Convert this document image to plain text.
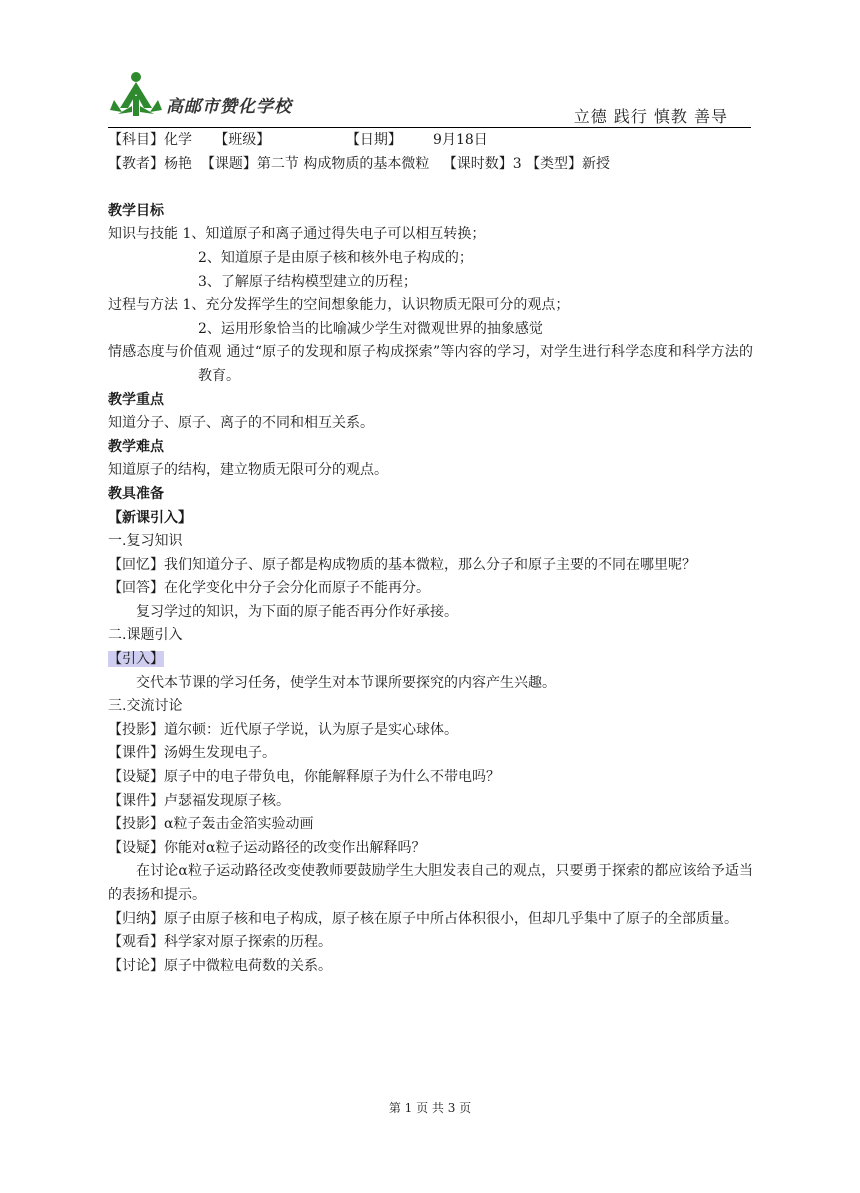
高邮市赞化学校	立德 践行 慎教 善导
【科目】化学     【班级】                 【日期】       9月18日
【教者】杨艳  【课题】第二节 构成物质的基本微粒   【课时数】3 【类型】新授
教学目标
知识与技能 1、知道原子和离子通过得失电子可以相互转换；
2、知道原子是由原子核和核外电子构成的；
3、了解原子结构模型建立的历程；
过程与方法 1、充分发挥学生的空间想象能力，认识物质无限可分的观点；
2、运用形象恰当的比喻减少学生对微观世界的抽象感觉
情感态度与价值观 通过“原子的发现和原子构成探索”等内容的学习，对学生进行科学态度和科学方法的教育。
教学重点
知道分子、原子、离子的不同和相互关系。
教学难点
知道原子的结构，建立物质无限可分的观点。
教具准备
【新课引入】
一.复习知识
【回忆】我们知道分子、原子都是构成物质的基本微粒，那么分子和原子主要的不同在哪里呢？
【回答】在化学变化中分子会分化而原子不能再分。
复习学过的知识，为下面的原子能否再分作好承接。
二.课题引入
【引入】
交代本节课的学习任务，使学生对本节课所要探究的内容产生兴趣。
三.交流讨论
【投影】道尔顿：近代原子学说，认为原子是实心球体。
【课件】汤姆生发现电子。
【设疑】原子中的电子带负电，你能解释原子为什么不带电吗？
【课件】卢瑟福发现原子核。
【投影】α粒子轰击金箔实验动画
【设疑】你能对α粒子运动路径的改变作出解释吗？
在讨论α粒子运动路径改变使教师要鼓励学生大胆发表自己的观点，只要勇于探索的都应该给予适当的表扬和提示。
【归纳】原子由原子核和电子构成，原子核在原子中所占体积很小，但却几乎集中了原子的全部质量。
【观看】科学家对原子探索的历程。
【讨论】原子中微粒电荷数的关系。
第 1 页 共 3 页
